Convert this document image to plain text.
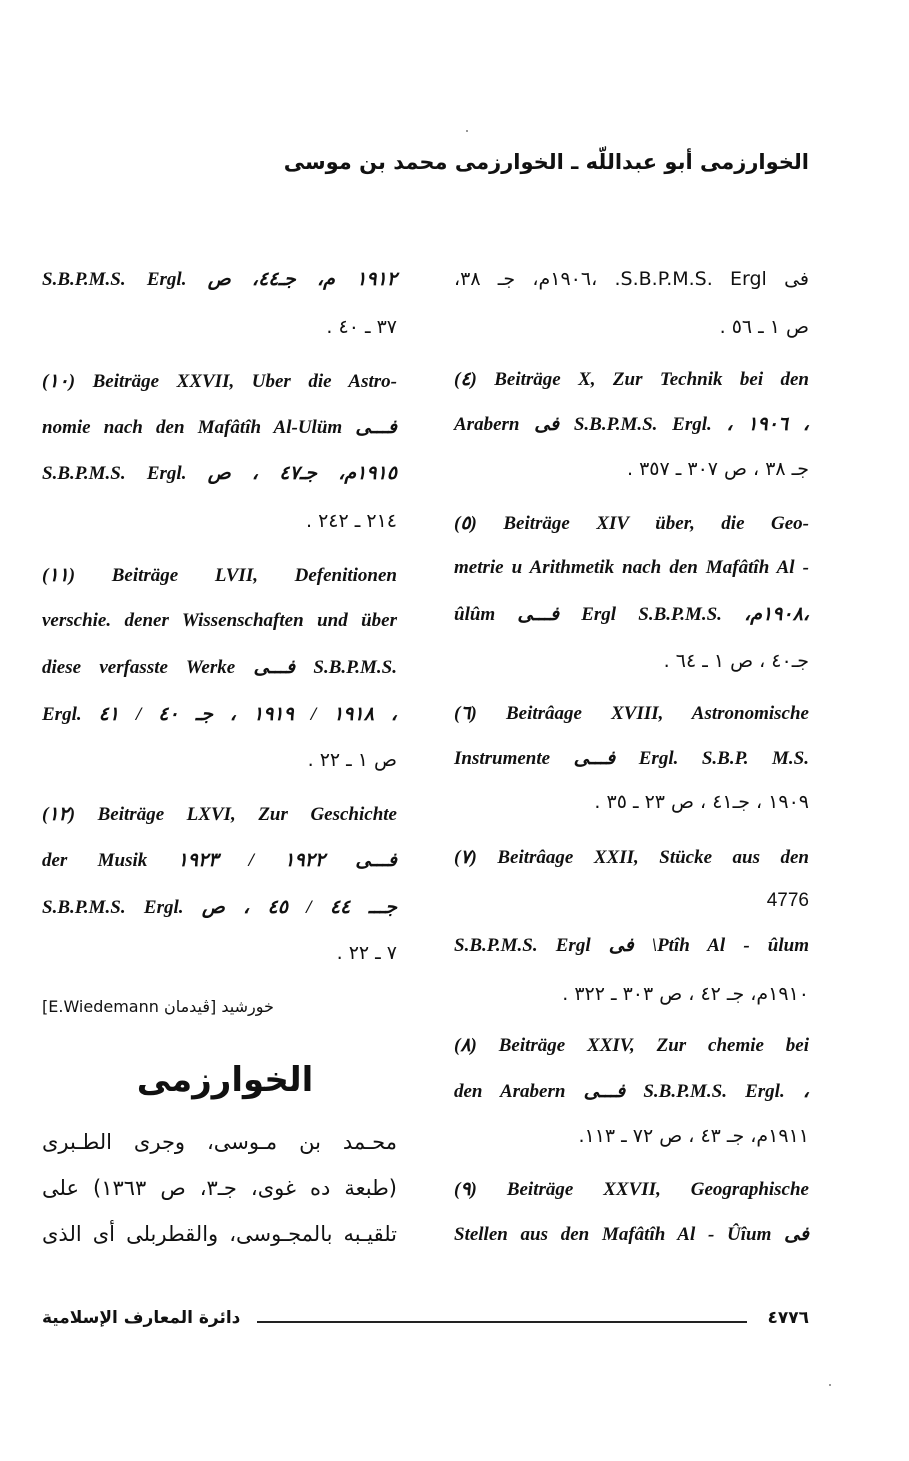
الخوارزمى أبو عبداللّه ـ الخوارزمى محمد بن موسى
فى S.B.P.M.S. Ergl. ،١٩٠٦م، جـ ٣٨،
ص ١ ـ ٥٦ .
(٤) Beiträge X, Zur Technik bei den
Arabern فى S.B.P.M.S. Ergl. ، ١٩٠٦ ،
جـ ٣٨ ، ص ٣٠٧ ـ ٣٥٧ .
(٥) Beiträge XIV über, die Geo-
metrie u Arithmetik nach den Mafâtîh Al -
ûlûm فـــى Ergl S.B.P.M.S. ،١٩٠٨م،
جـ٤٠ ، ص ١ ـ ٦٤ .
(٦) Beitrâage XVIII, Astronomische
Instrumente فـــى Ergl. S.B.P. M.S.
١٩٠٩ ، جـ٤١ ، ص ٢٣ ـ ٣٥ .
(٧) Beitrâage XXII, Stücke aus den
4776
S.B.P.M.S. Ergl فى \Ptîh Al - ûlum
١٩١٠م، جـ ٤٢ ، ص ٣٠٣ ـ ٣٢٢ .
(٨) Beiträge XXIV, Zur chemie bei
den Arabern فـــى S.B.P.M.S. Ergl. ،
١٩١١م، جـ ٤٣ ، ص ٧٢ ـ ١١٣.
(٩) Beiträge XXVII, Geographische
فى Stellen aus den Mafâtîh Al - Ûîum
S.B.P.M.S. Ergl. ١٩١٢ م، جـ٤٤، ص
٣٧ ـ ٤٠ .
(١٠) Beiträge XXVII, Uber die Astro-
nomie nach den Mafâtîh Al-Ulüm فـــى
S.B.P.M.S. Ergl. ١٩١٥م، جـ٤٧ ، ص
٢١٤ ـ ٢٤٢ .
(١١) Beiträge LVII, Defenitionen
verschie. dener Wissenschaften und über
diese verfasste Werke فـــى S.B.P.M.S.
Ergl. ١٩١٨ / ١٩١٩ ، جـ ٤٠ / ٤١ ،
ص ١ ـ ٢٢ .
(١٢) Beiträge LXVI, Zur Geschichte
der Musik فـــى ١٩٢٢ / ١٩٢٣
S.B.P.M.S. Ergl. جـــ ٤٤ / ٤٥ ، ص
٧ ـ ٢٢ .
خورشيد [ڤيدمان E.Wiedemann]
الخوارزمى
محـمد بن مـوسى، وجرى الطـبرى
(طبعة ده غوى، جـ٣، ص ١٣٦٣) على
تلقيـبه بالمجـوسى، والقطربلى أى الذى
دائرة المعارف الإسلامية	٤٧٧٦
